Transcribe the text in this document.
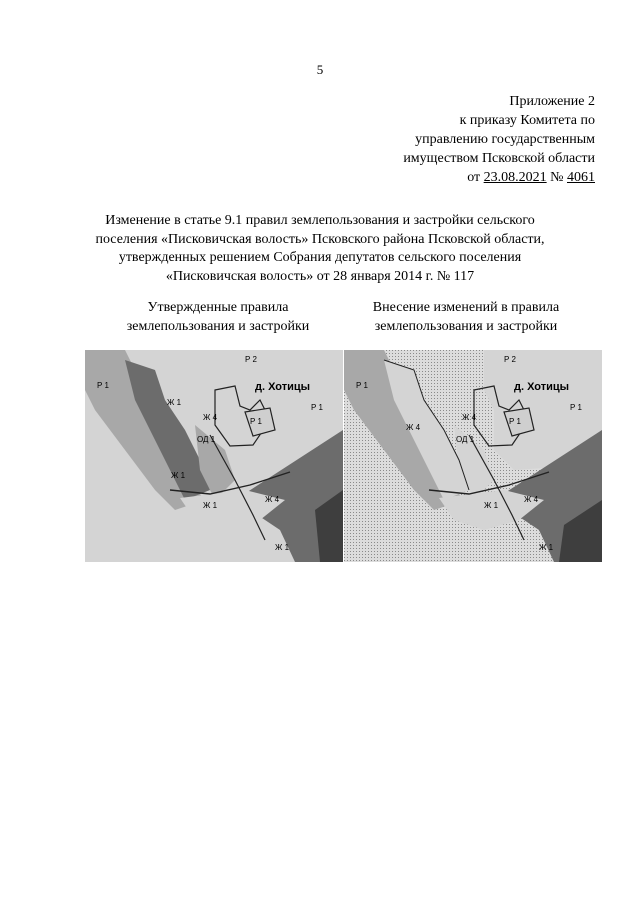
5
Приложение 2
к приказу Комитета по
управлению государственным
имуществом Псковской области
от 23.08.2021 № 4061
Изменение в статье 9.1 правил землепользования и застройки сельского
поселения «Писковичская волость» Псковского района Псковской области,
утвержденных решением Собрания депутатов сельского поселения
«Писковичская волость» от 28 января 2014 г. № 117
Утвержденные правила
землепользования и застройки
Внесение изменений в правила
землепользования и застройки
Р 2
д. Хотицы
Р 1
Р 1
Р 1
Ж 1
Ж 4
ОД 1
Ж 1
Ж 1
Ж 4
Ж 1
Р 2
д. Хотицы
Р 1
Р 1
Р 1
Ж 4
ОД 1
Ж 4
Ж 1
Ж 4
Ж 1
